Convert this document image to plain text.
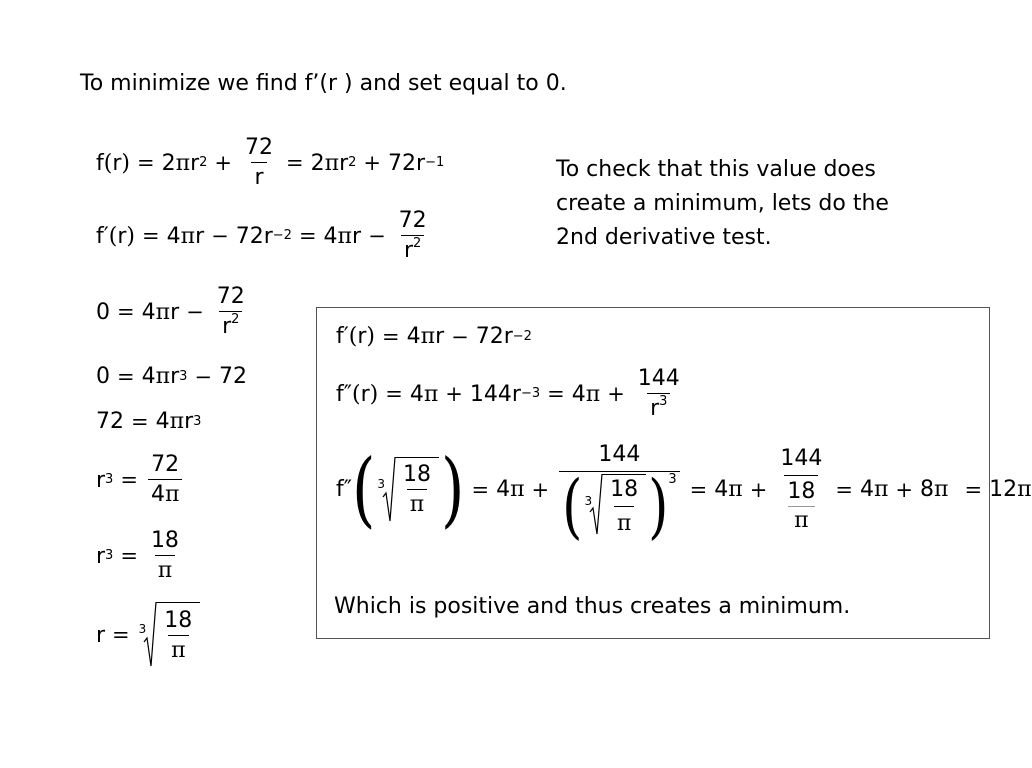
To minimize we find f’(r ) and set equal to 0.
To check that this value does
create a minimum, lets do the
2nd derivative test.
f ( r ) = 2 π r $2 + \frac{72}{r} = 2$ π r 2 + 72 r −1
f′ ( r ) = 4 π r − 72 r −2 = 4 π $r - \frac{72}{r^2}$
0 = 4 π $r - \frac{72}{r^2}$
0 = 4 π r 3 − 72
72 = 4 π r 3
r $3 = \frac{72}{4\pi}$
r $3 = \frac{18}{\pi}$
$r = 3 \frac{18}{\pi}$
f′ ( r ) = 4 π r − 72 r −2
f″ ( r ) = 4 π + 144 r −3 = 4 $\pi + \frac{144}{r^3}$
f″ ( $3 \frac{18}{\pi}$ ) = 4 π +
144
( $3 \frac{18}{\pi}$ ) 3 = 4 π + 144
18
π = 4 π + 8 π = 12 π
Which is positive and thus creates a minimum.
